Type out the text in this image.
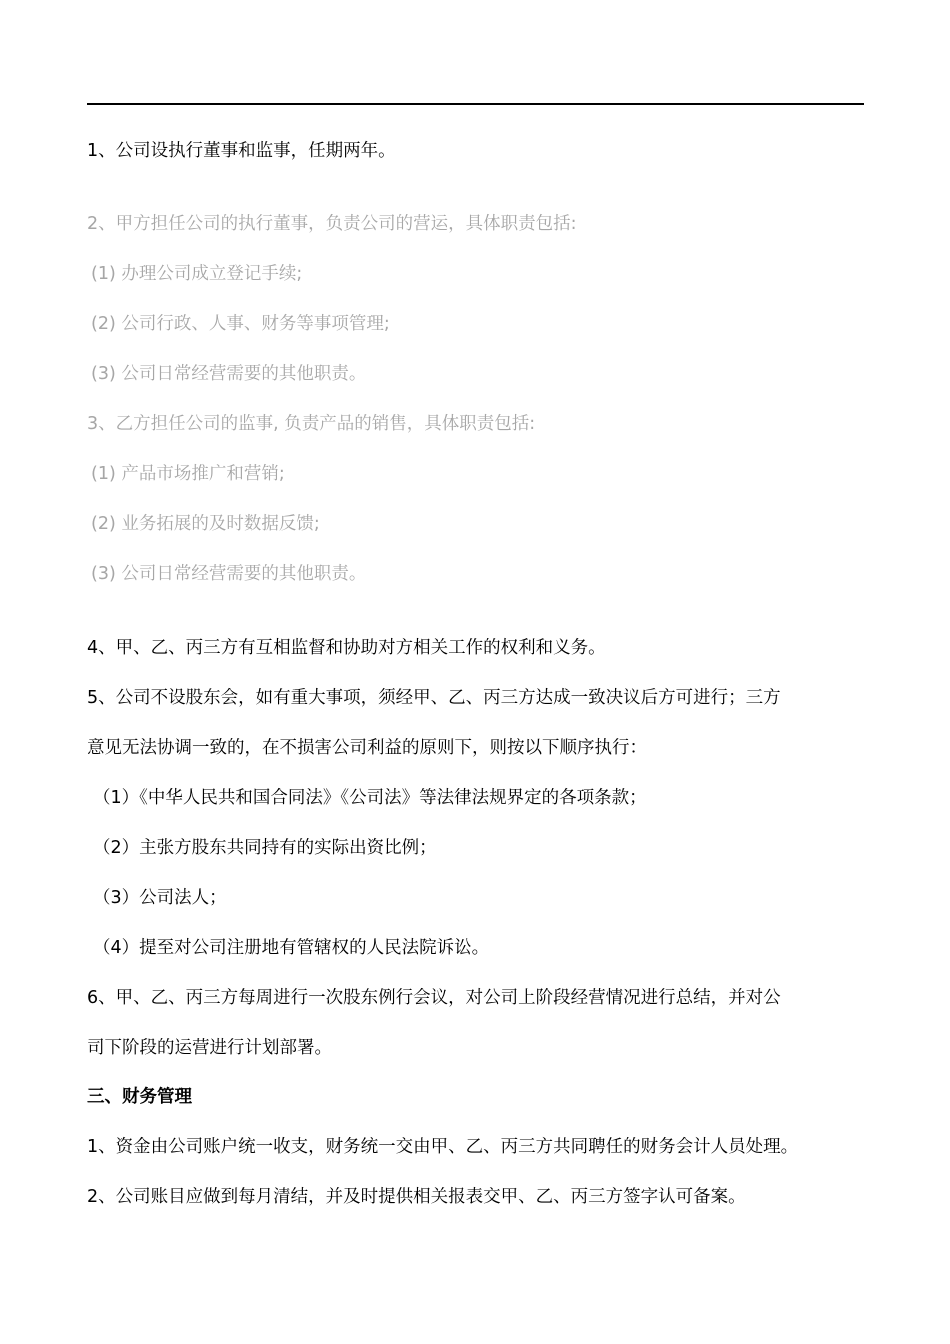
1、公司设执行董事和监事，任期两年。
2、甲方担任公司的执行董事，负责公司的营运，具体职责包括:
(1) 办理公司成立登记手续;
(2) 公司行政、人事、财务等事项管理;
(3) 公司日常经营需要的其他职责。
3、乙方担任公司的监事, 负责产品的销售，具体职责包括:
(1) 产品市场推广和营销;
(2) 业务拓展的及时数据反馈;
(3) 公司日常经营需要的其他职责。
4、甲、乙、丙三方有互相监督和协助对方相关工作的权利和义务。
5、公司不设股东会，如有重大事项，须经甲、乙、丙三方达成一致决议后方可进行；三方
意见无法协调一致的，在不损害公司利益的原则下，则按以下顺序执行：
（1）《中华人民共和国合同法》《公司法》等法律法规界定的各项条款；
（2）主张方股东共同持有的实际出资比例；
（3）公司法人；
（4）提至对公司注册地有管辖权的人民法院诉讼。
6、甲、乙、丙三方每周进行一次股东例行会议，对公司上阶段经营情况进行总结，并对公
司下阶段的运营进行计划部署。
三、财务管理
1、资金由公司账户统一收支，财务统一交由甲、乙、丙三方共同聘任的财务会计人员处理。
2、公司账目应做到每月清结，并及时提供相关报表交甲、乙、丙三方签字认可备案。
